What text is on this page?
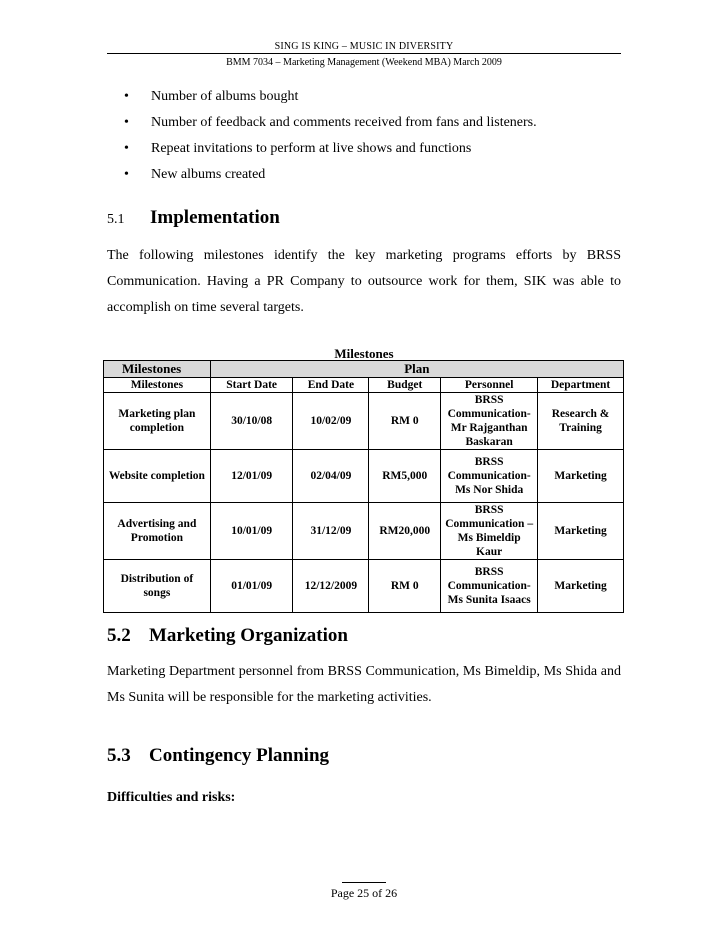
SING IS KING – MUSIC IN DIVERSITY
BMM 7034 – Marketing Management (Weekend MBA) March 2009
• Number of albums bought
• Number of feedback and comments received from fans and listeners.
• Repeat invitations to perform at live shows and functions
• New albums created
5.1 Implementation
The following milestones identify the key marketing programs efforts by BRSS Communication. Having a PR Company to outsource work for them, SIK was able to accomplish on time several targets.
Milestones
Milestones	Plan				
Milestones	Start Date	End Date	Budget	Personnel	Department
Marketing plan completion	30/10/08	10/02/09	RM 0	BRSS Communication- Mr Rajganthan Baskaran	Research & Training
Website completion	12/01/09	02/04/09	RM5,000	BRSS Communication- Ms Nor Shida	Marketing
Advertising and Promotion	10/01/09	31/12/09	RM20,000	BRSS Communication – Ms Bimeldip Kaur	Marketing
Distribution of songs	01/01/09	12/12/2009	RM 0	BRSS Communication- Ms Sunita Isaacs	Marketing
5.2 Marketing Organization
Marketing Department personnel from BRSS Communication, Ms Bimeldip, Ms Shida and Ms Sunita will be responsible for the marketing activities.
5.3 Contingency Planning
Difficulties and risks:
Page 25 of 26
